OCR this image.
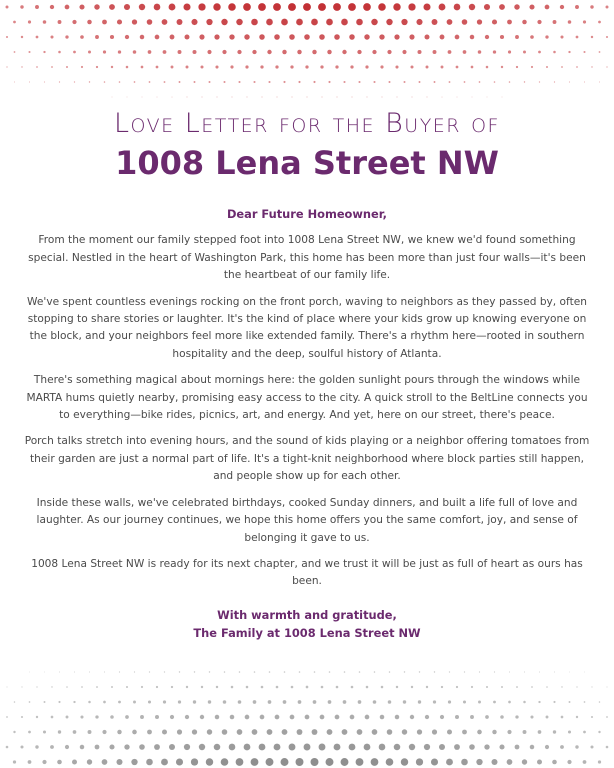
Love Letter for the Buyer of
1008 Lena Street NW

Dear Future Homeowner,

From the moment our family stepped foot into 1008 Lena Street NW, we knew we'd found something special. Nestled in the heart of Washington Park, this home has been more than just four walls—it's been the heartbeat of our family life.

We've spent countless evenings rocking on the front porch, waving to neighbors as they passed by, often stopping to share stories or laughter. It's the kind of place where your kids grow up knowing everyone on the block, and your neighbors feel more like extended family. There's a rhythm here—rooted in southern hospitality and the deep, soulful history of Atlanta.

There's something magical about mornings here: the golden sunlight pours through the windows while MARTA hums quietly nearby, promising easy access to the city. A quick stroll to the BeltLine connects you to everything—bike rides, picnics, art, and energy. And yet, here on our street, there's peace.

Porch talks stretch into evening hours, and the sound of kids playing or a neighbor offering tomatoes from their garden are just a normal part of life. It's a tight-knit neighborhood where block parties still happen, and people show up for each other.

Inside these walls, we've celebrated birthdays, cooked Sunday dinners, and built a life full of love and laughter. As our journey continues, we hope this home offers you the same comfort, joy, and sense of belonging it gave to us.

1008 Lena Street NW is ready for its next chapter, and we trust it will be just as full of heart as ours has been.

With warmth and gratitude,
The Family at 1008 Lena Street NW
